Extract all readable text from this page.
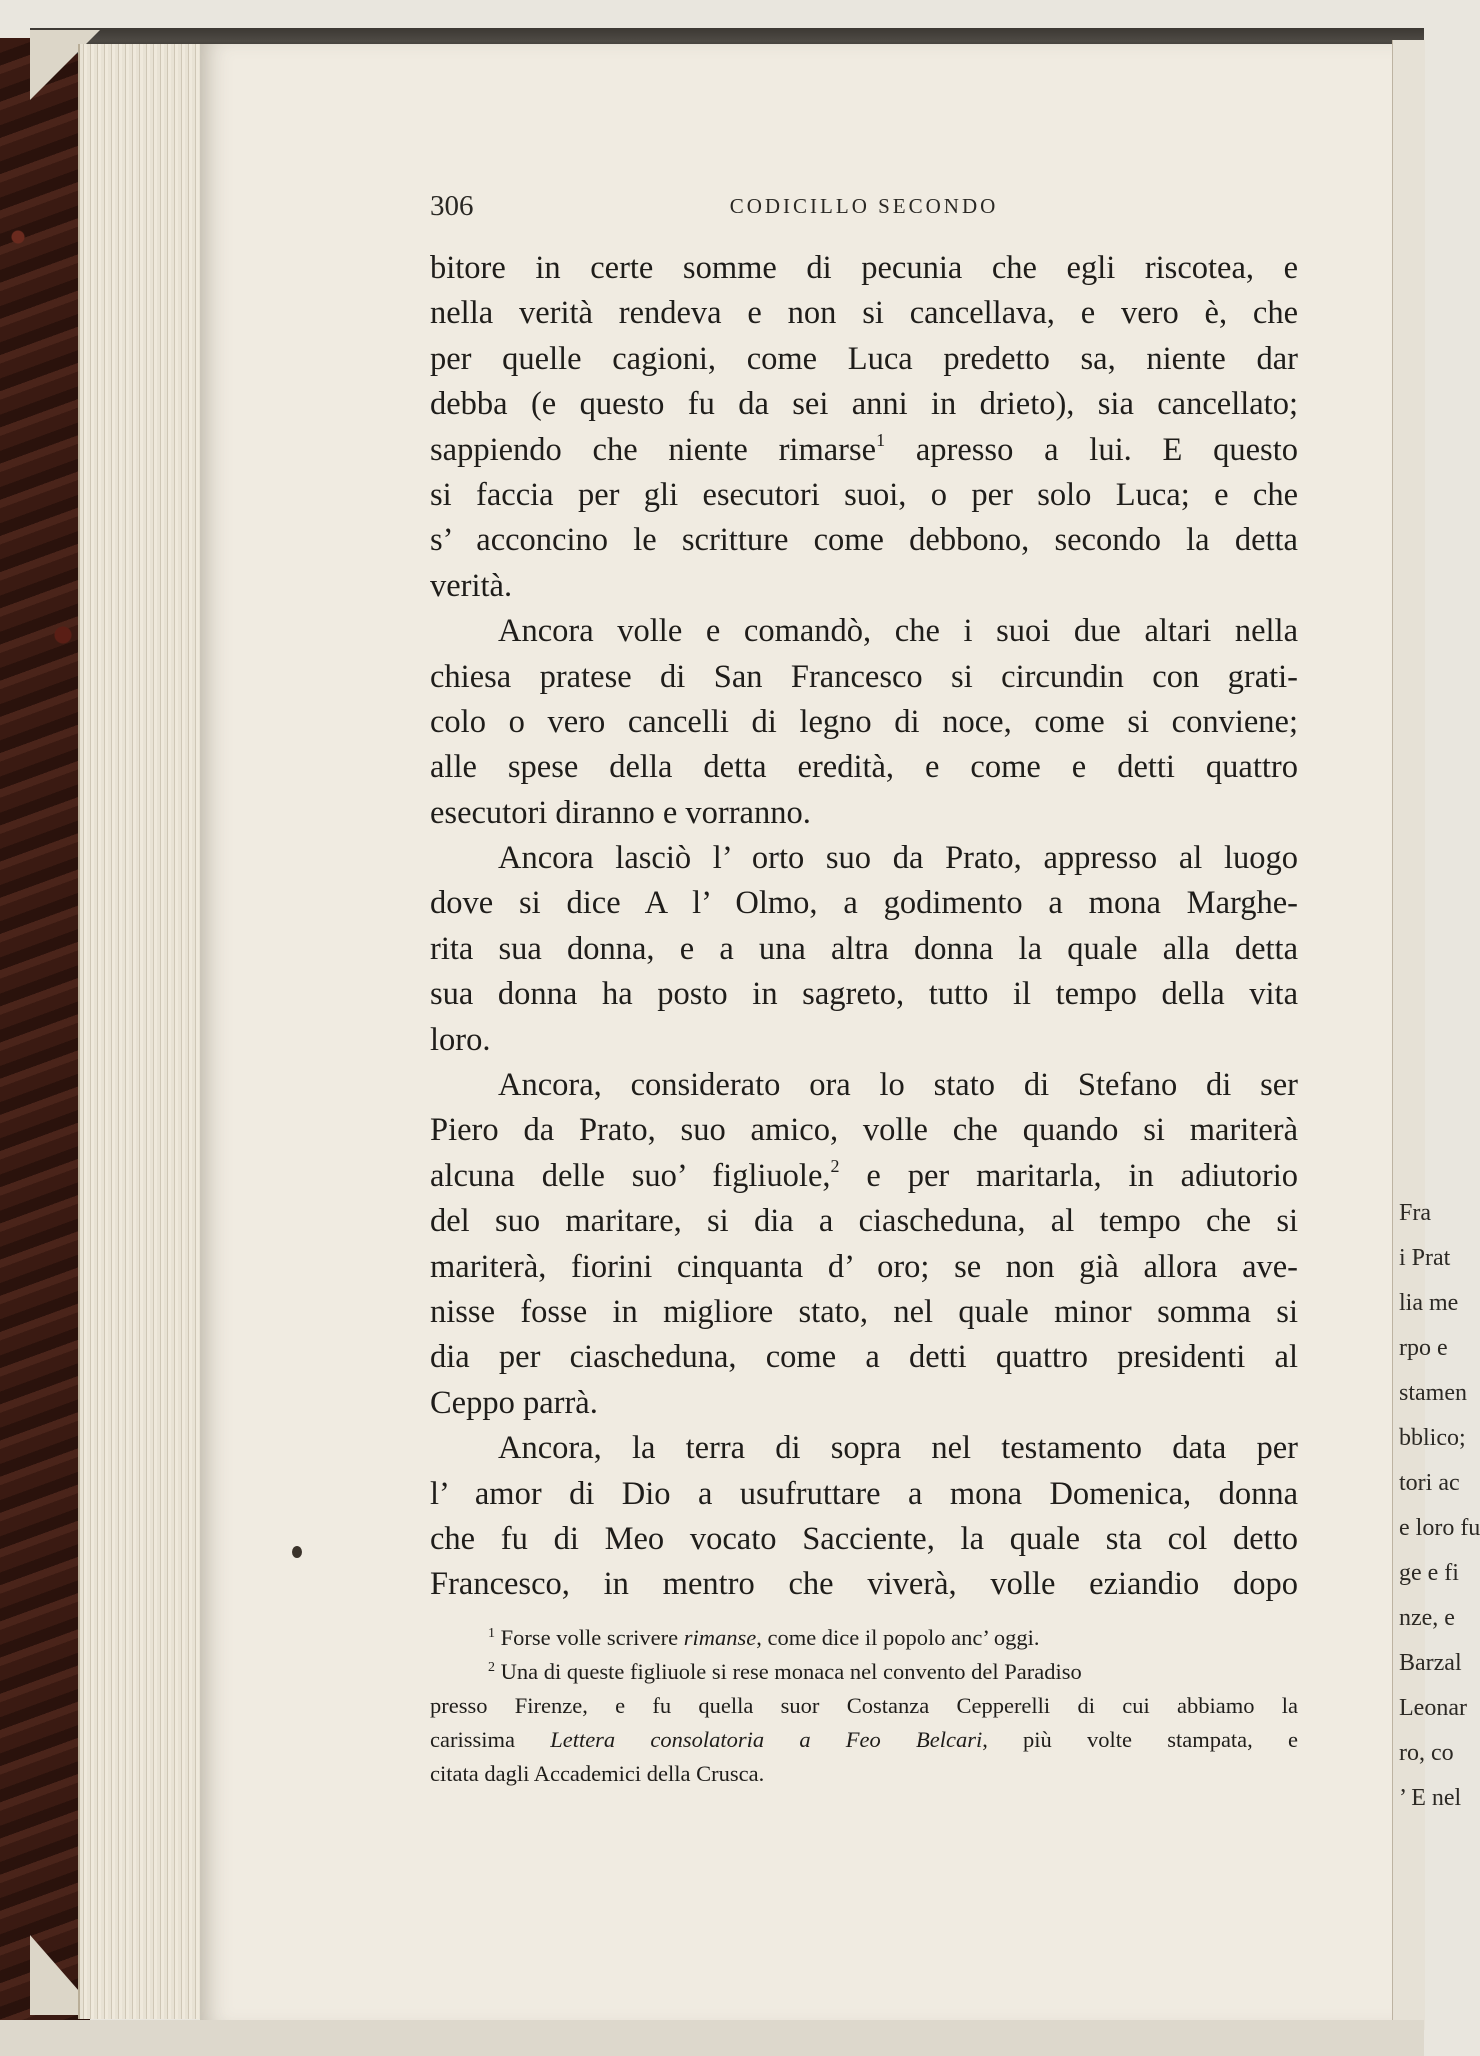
Fra
i Prat
lia me
rpo e
stamen
bblico;
tori ac
e loro fu
ge e fi
nze, e
Barzal
Leonar
ro, co
’ E nel
306	CODICILLO SECONDO
bitore in certe somme di pecunia che egli riscotea, e
nella verità rendeva e non si cancellava, e vero è, che
per quelle cagioni, come Luca predetto sa, niente dar
debba (e questo fu da sei anni in drieto), sia cancellato;
sappiendo che niente rimarse$^1$ apresso a lui. E questo
si faccia per gli esecutori suoi, o per solo Luca; e che
s’ acconcino le scritture come debbono, secondo la detta
verità.
Ancora volle e comandò, che i suoi due altari nella
chiesa pratese di San Francesco si circundin con grati-
colo o vero cancelli di legno di noce, come si conviene;
alle spese della detta eredità, e come e detti quattro
esecutori diranno e vorranno.
Ancora lasciò l’ orto suo da Prato, appresso al luogo
dove si dice A l’ Olmo, a godimento a mona Marghe-
rita sua donna, e a una altra donna la quale alla detta
sua donna ha posto in sagreto, tutto il tempo della vita
loro.
Ancora, considerato ora lo stato di Stefano di ser
Piero da Prato, suo amico, volle che quando si mariterà
alcuna delle suo’ figliuole,$^2$ e per maritarla, in adiutorio
del suo maritare, si dia a ciascheduna, al tempo che si
mariterà, fiorini cinquanta d’ oro; se non già allora ave-
nisse fosse in migliore stato, nel quale minor somma si
dia per ciascheduna, come a detti quattro presidenti al
Ceppo parrà.
Ancora, la terra di sopra nel testamento data per
l’ amor di Dio a usufruttare a mona Domenica, donna
che fu di Meo vocato Sacciente, la quale sta col detto
Francesco, in mentro che viverà, volle eziandio dopo
$^1$ Forse volle scrivere rimanse, come dice il popolo anc’ oggi.
$^2$ Una di queste figliuole si rese monaca nel convento del Paradiso
presso Firenze, e fu quella suor Costanza Cepperelli di cui abbiamo la
carissima Lettera consolatoria a Feo Belcari, più volte stampata, e
citata dagli Accademici della Crusca.
